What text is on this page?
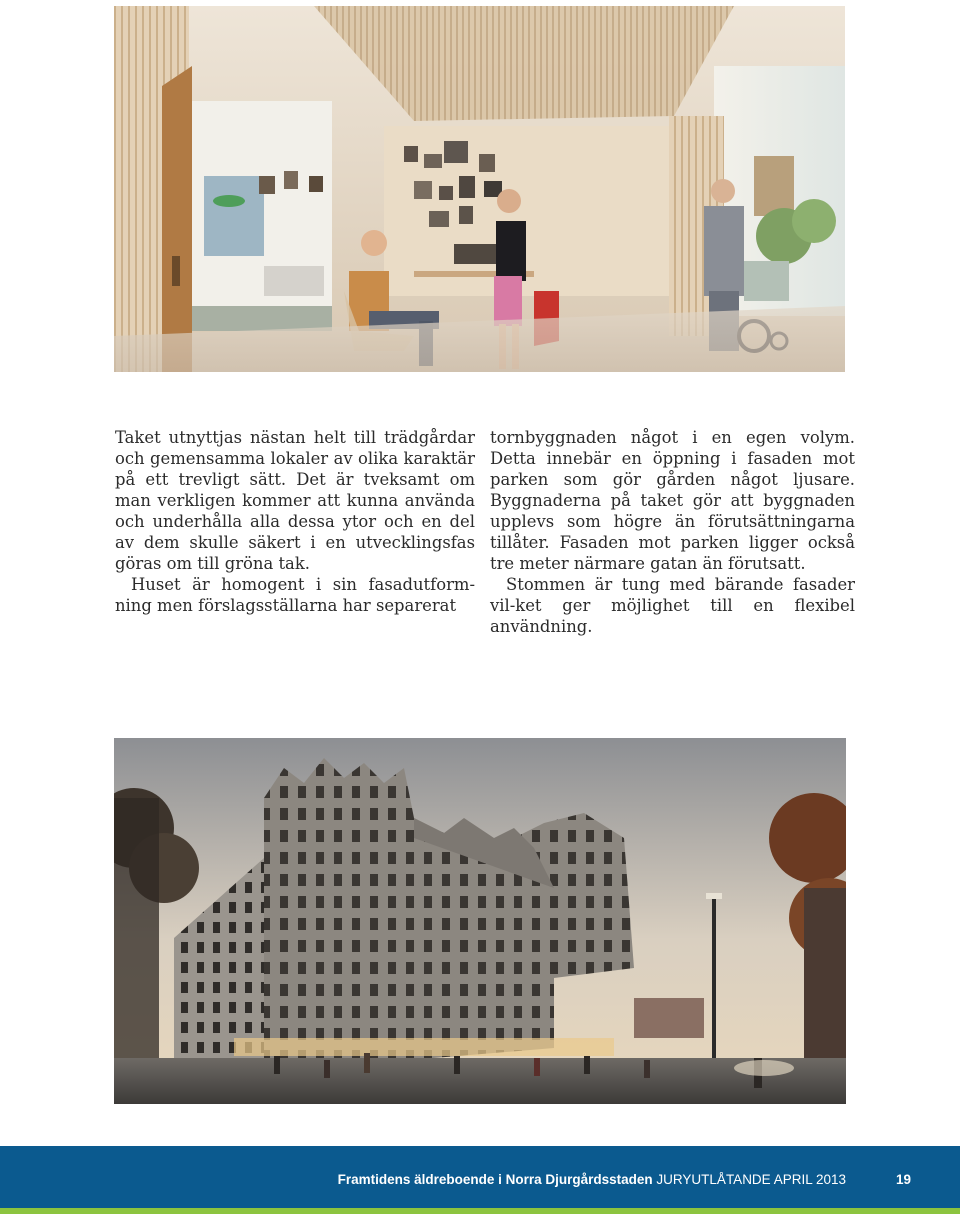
Taket utnyttjas nästan helt till trädgårdar och gemensamma lokaler av olika karaktär på ett trevligt sätt. Det är tveksamt om man verkligen kommer att kunna använda och underhålla alla dessa ytor och en del av dem skulle säkert i en utvecklingsfas göras om till gröna tak.

Huset är homogent i sin fasadutform-ning men förslagsställarna har separerat

tornbyggnaden något i en egen volym. Detta innebär en öppning i fasaden mot parken som gör gården något ljusare. Byggnaderna på taket gör att byggnaden upplevs som högre än förutsättningarna tillåter. Fasaden mot parken ligger också tre meter närmare gatan än förutsatt.

Stommen är tung med bärande fasader vil-ket ger möjlighet till en flexibel användning.

Framtidens äldreboende i Norra Djurgårdsstaden JURYUTLÅTANDE APRIL 2013	19
